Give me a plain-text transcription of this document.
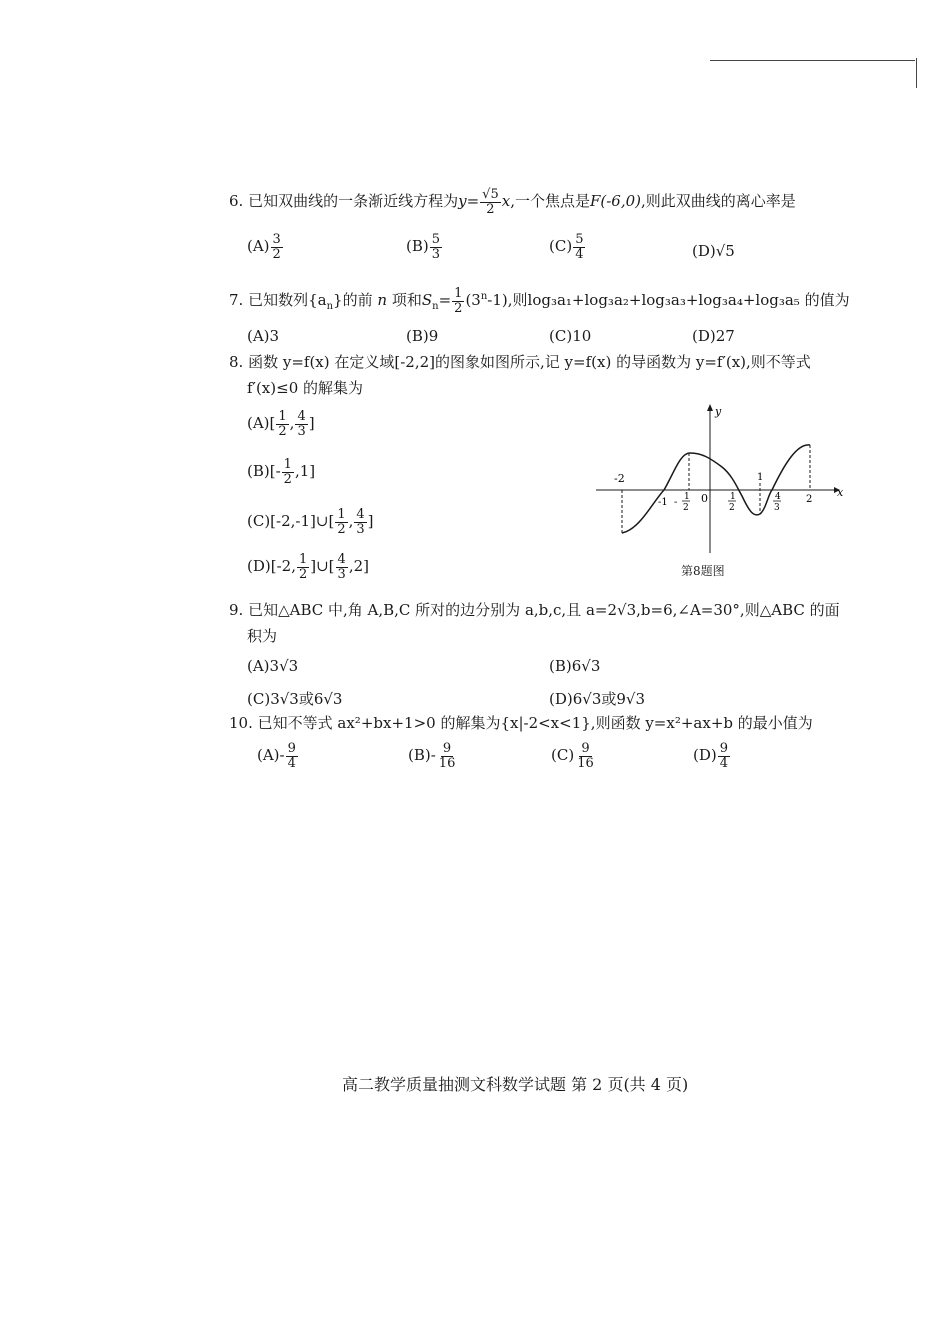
6. 已知双曲线的一条渐近线方程为$y= \frac{√5}{2} x$,一个焦点是F(-6,0),则此双曲线的离心率是
$(A) \frac{3}{2}$	$(B) \frac{5}{3}$	$(C) \frac{5}{4}$	(D)√5
7. 已知数列$\{a_n\}$的前 n 项和$S_n= \frac{1}{2} (3^n-1)$,则log₃a₁+log₃a₂+log₃a₃+log₃a₄+log₃a₅ 的值为
(A)3	(B)9	(C)10	(D)27
8. 函数 y=f(x) 在定义域[-2,2]的图象如图所示,记 y=f(x) 的导函数为 y=f′(x),则不等式
f′(x)≤0 的解集为
$(A)[ \frac{1}{2}$ , $\frac{4}{3}$ ]
$(B)[- \frac{1}{2} ,1]$
(C)[-2,-1]∪[ $\frac{1}{2}$ , $\frac{4}{3}$ ]
(D)[-2, $\frac{1}{2}$ ]∪[ $\frac{4}{3} ,2$]
x
y
0
-2
-1 - 1
2
1
2
1
4
3
2
第8题图
9. 已知△ABC 中,角 A,B,C 所对的边分别为 a,b,c,且 a=2√3,b=6,∠A=30°,则△ABC 的面
积为
(A)3√3	(B)6√3
(C)3√3或6√3	(D)6√3或9√3
10. 已知不等式 ax²+bx+1>0 的解集为{x|-2<x<1},则函数 y=x²+ax+b 的最小值为
$(A)- \frac{9}{4}$	$(B)- \frac{9}{16}$	$(C) \frac{9}{16}$	$(D) \frac{9}{4}$
高二教学质量抽测文科数学试题 第 2 页(共 4 页)
